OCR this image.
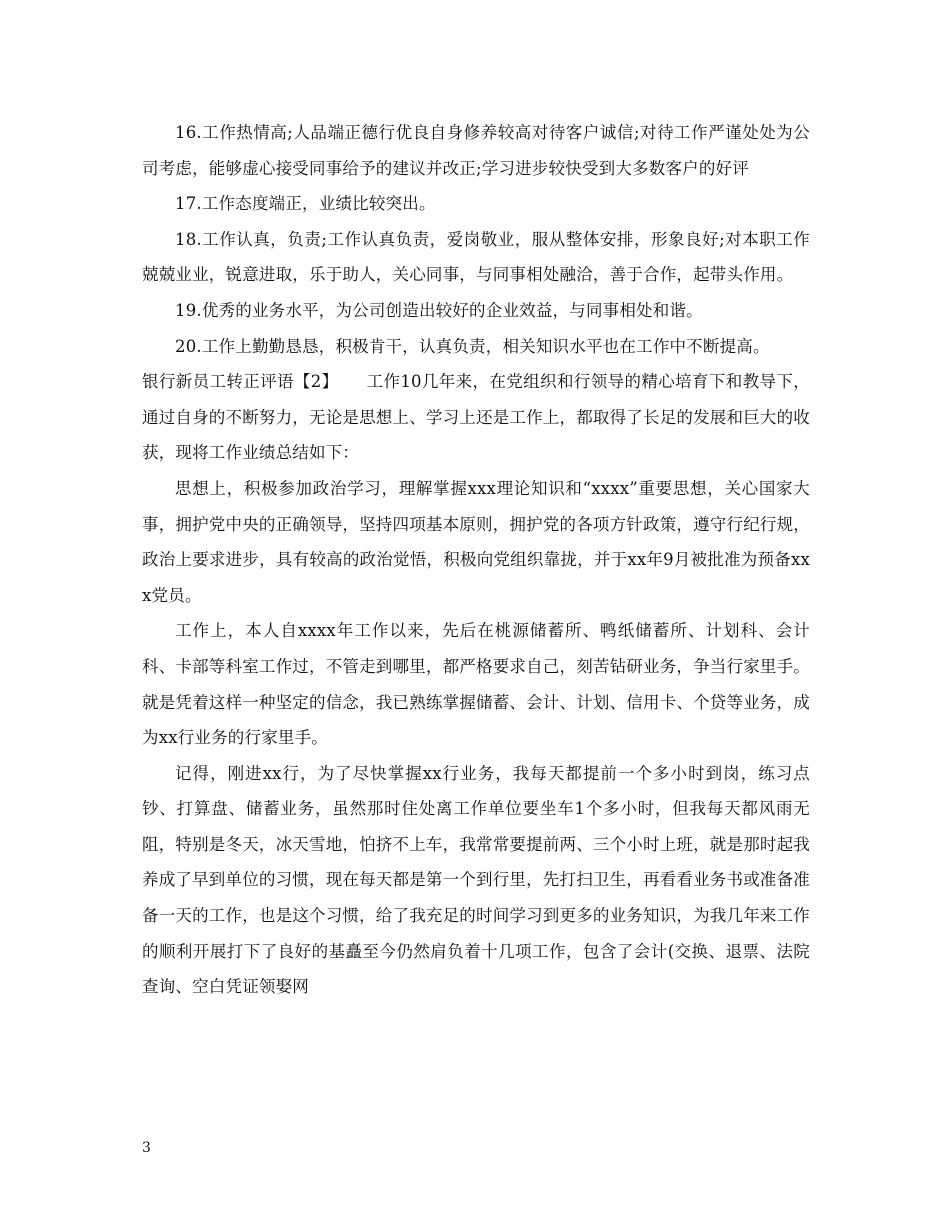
16.工作热情高;人品端正德行优良自身修养较高对待客户诚信;对待工作严谨处处为公司考虑，能够虚心接受同事给予的建议并改正;学习进步较快受到大多数客户的好评

17.工作态度端正，业绩比较突出。

18.工作认真，负责;工作认真负责，爱岗敬业，服从整体安排，形象良好;对本职工作兢兢业业，锐意进取，乐于助人，关心同事，与同事相处融洽，善于合作，起带头作用。

19.优秀的业务水平，为公司创造出较好的企业效益，与同事相处和谐。

20.工作上勤勤恳恳，积极肯干，认真负责，相关知识水平也在工作中不断提高。

银行新员工转正评语【2】 工作10几年来，在党组织和行领导的精心培育下和教导下，通过自身的不断努力，无论是思想上、学习上还是工作上，都取得了长足的发展和巨大的收获，现将工作业绩总结如下：

思想上，积极参加政治学习，理解掌握xxx理论知识和“xxxx”重要思想，关心国家大事，拥护党中央的正确领导，坚持四项基本原则，拥护党的各项方针政策，遵守行纪行规，政治上要求进步，具有较高的政治觉悟，积极向党组织靠拢，并于xx年9月被批准为预备xxx党员。

工作上，本人自xxxx年工作以来，先后在桃源储蓄所、鸭纸储蓄所、计划科、会计科、卡部等科室工作过，不管走到哪里，都严格要求自己，刻苦钻研业务，争当行家里手。就是凭着这样一种坚定的信念，我已熟练掌握储蓄、会计、计划、信用卡、个贷等业务，成为xx行业务的行家里手。

记得，刚进xx行，为了尽快掌握xx行业务，我每天都提前一个多小时到岗，练习点钞、打算盘、储蓄业务，虽然那时住处离工作单位要坐车1个多小时，但我每天都风雨无阻，特别是冬天，冰天雪地，怕挤不上车，我常常要提前两、三个小时上班，就是那时起我养成了早到单位的习惯，现在每天都是第一个到行里，先打扫卫生，再看看业务书或准备准备一天的工作，也是这个习惯，给了我充足的时间学习到更多的业务知识，为我几年来工作的顺利开展打下了良好的基矗至今仍然肩负着十几项工作，包含了会计(交换、退票、法院查询、空白凭证领娶网

3
